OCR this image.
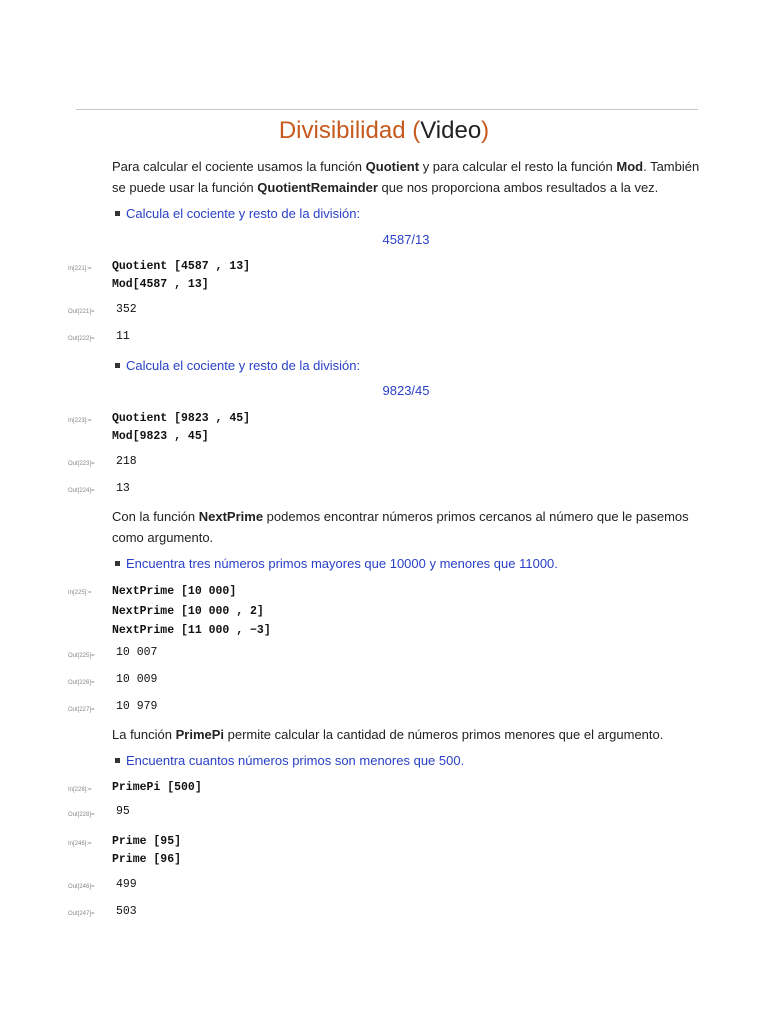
Divisibilidad (Video)
Para calcular el cociente usamos la función Quotient y para calcular el resto la función Mod. También se puede usar la función QuotientRemainder que nos proporciona ambos resultados a la vez.
Calcula el cociente y resto de la división:
4587/13
In[221]:= Quotient [4587 , 13]
Mod[4587 , 13]
Out[221]= 352
Out[222]= 11
Calcula el cociente y resto de la división:
9823/45
In[223]:= Quotient [9823 , 45]
Mod[9823 , 45]
Out[223]= 218
Out[224]= 13
Con la función NextPrime podemos encontrar números primos cercanos al número que le pasemos como argumento.
Encuentra tres números primos mayores que 10000 y menores que 11000.
In[225]:= NextPrime [10 000]
NextPrime [10 000 , 2]
NextPrime [11 000 , −3]
Out[225]= 10 007
Out[226]= 10 009
Out[227]= 10 979
La función PrimePi permite calcular la cantidad de números primos menores que el argumento.
Encuentra cuantos números primos son menores que 500.
In[228]:= PrimePi [500]
Out[228]= 95
In[246]:= Prime [95]
Prime [96]
Out[246]= 499
Out[247]= 503
